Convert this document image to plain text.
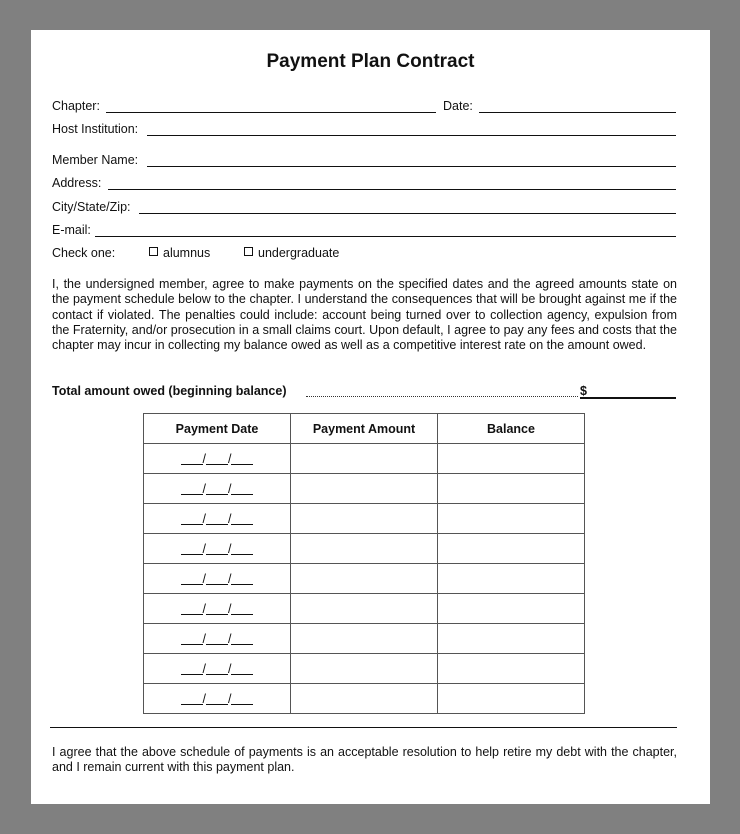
Payment Plan Contract
Chapter:	Date:
Host Institution:
Member Name:
Address:
City/State/Zip:
E-mail:
Check one:	alumnus	undergraduate
I, the undersigned member, agree to make payments on the specified dates and the agreed amounts state on the payment schedule below to the chapter. I understand the consequences that will be brought against me if the contact if violated. The penalties could include: account being turned over to collection agency, expulsion from the Fraternity, and/or prosecution in a small claims court. Upon default, I agree to pay any fees and costs that the chapter may incur in collecting my balance owed as well as a competitive interest rate on the amount owed.
Total amount owed (beginning balance)	$
Payment Date	Payment Amount	Balance
/ /		
/ /		
/ /		
/ /		
/ /		
/ /		
/ /		
/ /		
/ /		
I agree that the above schedule of payments is an acceptable resolution to help retire my debt with the chapter, and I remain current with this payment plan.
